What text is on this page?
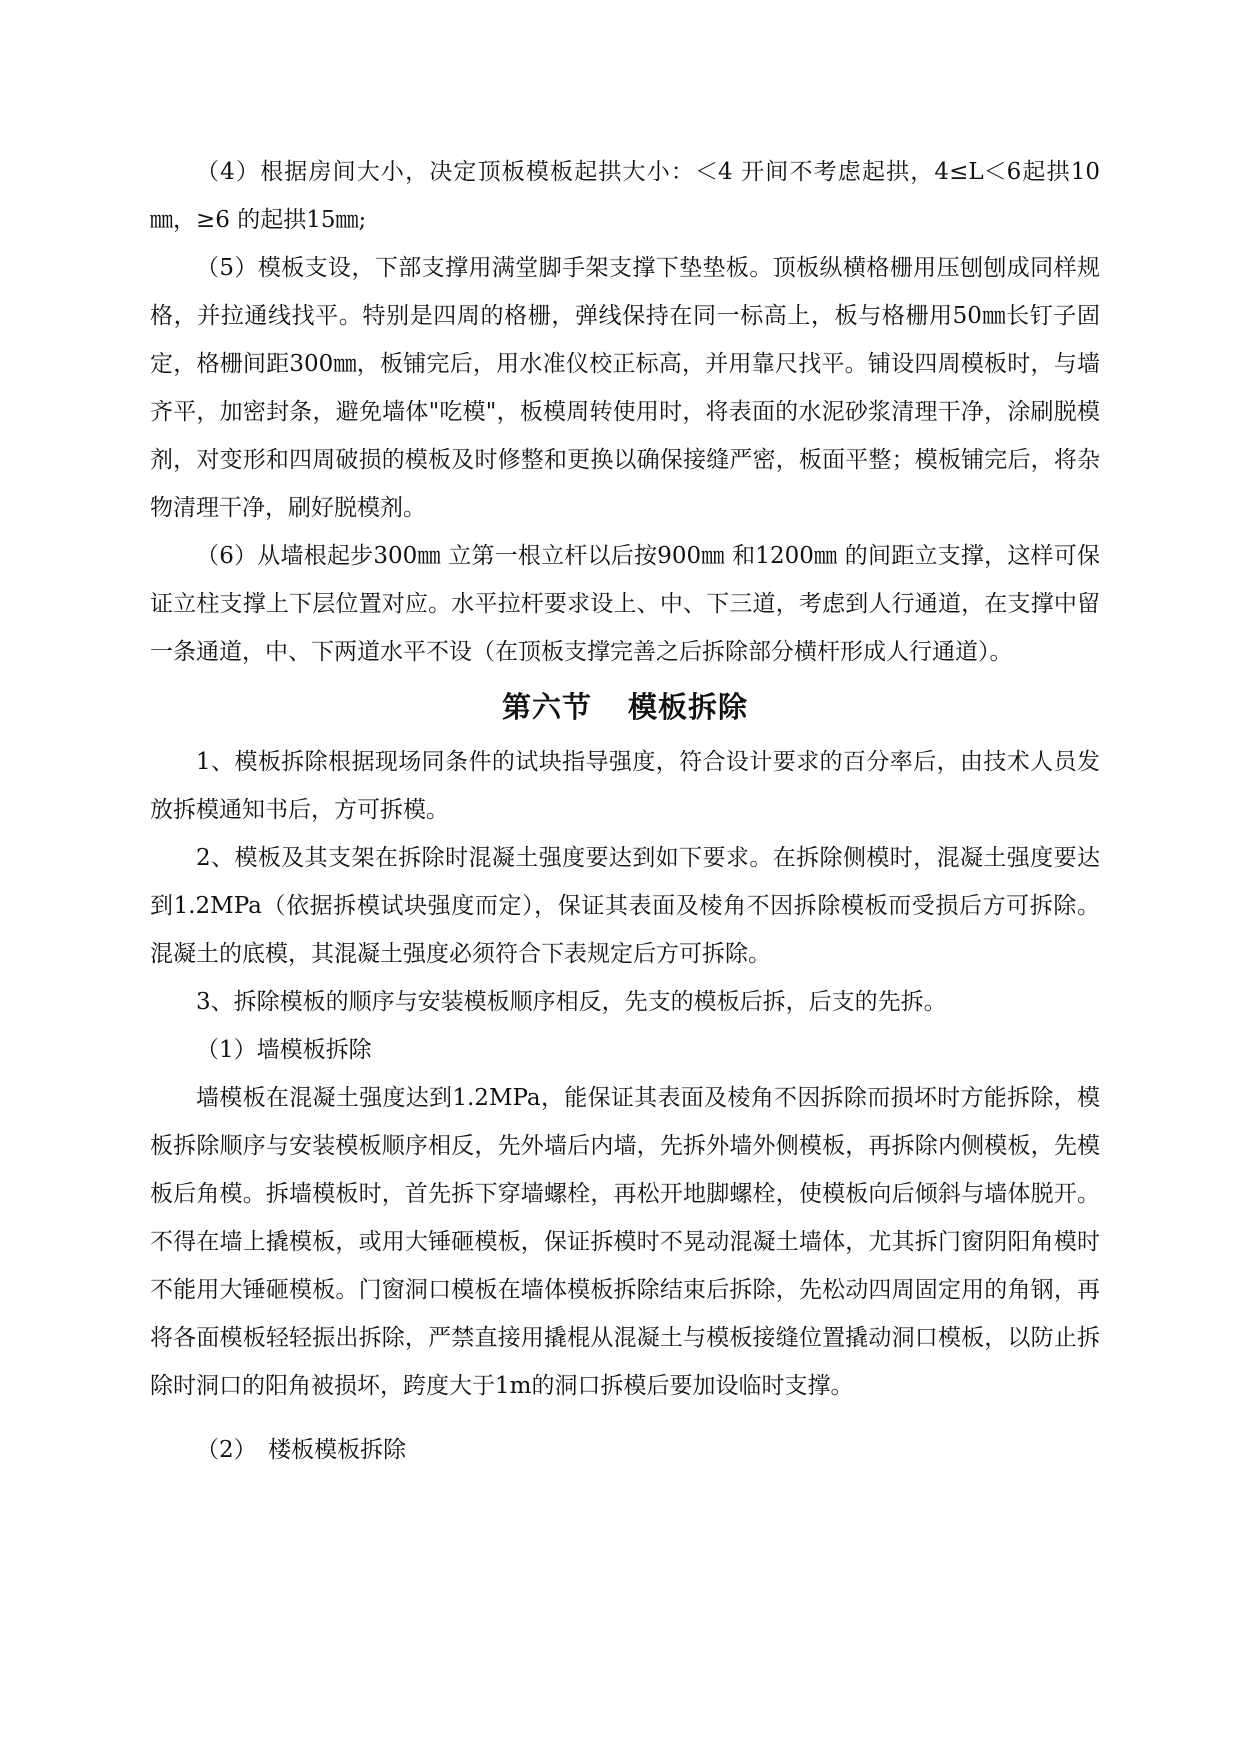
（4）根据房间大小，决定顶板模板起拱大小：＜4 开间不考虑起拱，4≤L＜6起拱10㎜，≥6 的起拱15㎜;

（5）模板支设，下部支撑用满堂脚手架支撑下垫垫板。顶板纵横格栅用压刨刨成同样规格，并拉通线找平。特别是四周的格栅，弹线保持在同一标高上，板与格栅用50㎜长钉子固定，格栅间距300㎜，板铺完后，用水准仪校正标高，并用靠尺找平。铺设四周模板时，与墙齐平，加密封条，避免墙体"吃模"，板模周转使用时，将表面的水泥砂浆清理干净，涂刷脱模剂，对变形和四周破损的模板及时修整和更换以确保接缝严密，板面平整；模板铺完后，将杂物清理干净，刷好脱模剂。

（6）从墙根起步300㎜ 立第一根立杆以后按900㎜ 和1200㎜ 的间距立支撑，这样可保证立柱支撑上下层位置对应。水平拉杆要求设上、中、下三道，考虑到人行通道，在支撑中留一条通道，中、下两道水平不设（在顶板支撑完善之后拆除部分横杆形成人行通道）。

第六节 模板拆除

1、模板拆除根据现场同条件的试块指导强度，符合设计要求的百分率后，由技术人员发放拆模通知书后，方可拆模。

2、模板及其支架在拆除时混凝土强度要达到如下要求。在拆除侧模时，混凝土强度要达到1.2MPa（依据拆模试块强度而定），保证其表面及棱角不因拆除模板而受损后方可拆除。混凝土的底模，其混凝土强度必须符合下表规定后方可拆除。

3、拆除模板的顺序与安装模板顺序相反，先支的模板后拆，后支的先拆。

（1）墙模板拆除

墙模板在混凝土强度达到1.2MPa，能保证其表面及棱角不因拆除而损坏时方能拆除，模板拆除顺序与安装模板顺序相反，先外墙后内墙，先拆外墙外侧模板，再拆除内侧模板，先模板后角模。拆墙模板时，首先拆下穿墙螺栓，再松开地脚螺栓，使模板向后倾斜与墙体脱开。不得在墙上撬模板，或用大锤砸模板，保证拆模时不晃动混凝土墙体，尤其拆门窗阴阳角模时不能用大锤砸模板。门窗洞口模板在墙体模板拆除结束后拆除，先松动四周固定用的角钢，再将各面模板轻轻振出拆除，严禁直接用撬棍从混凝土与模板接缝位置撬动洞口模板，以防止拆除时洞口的阳角被损坏，跨度大于1m的洞口拆模后要加设临时支撑。

（2）　楼板模板拆除
